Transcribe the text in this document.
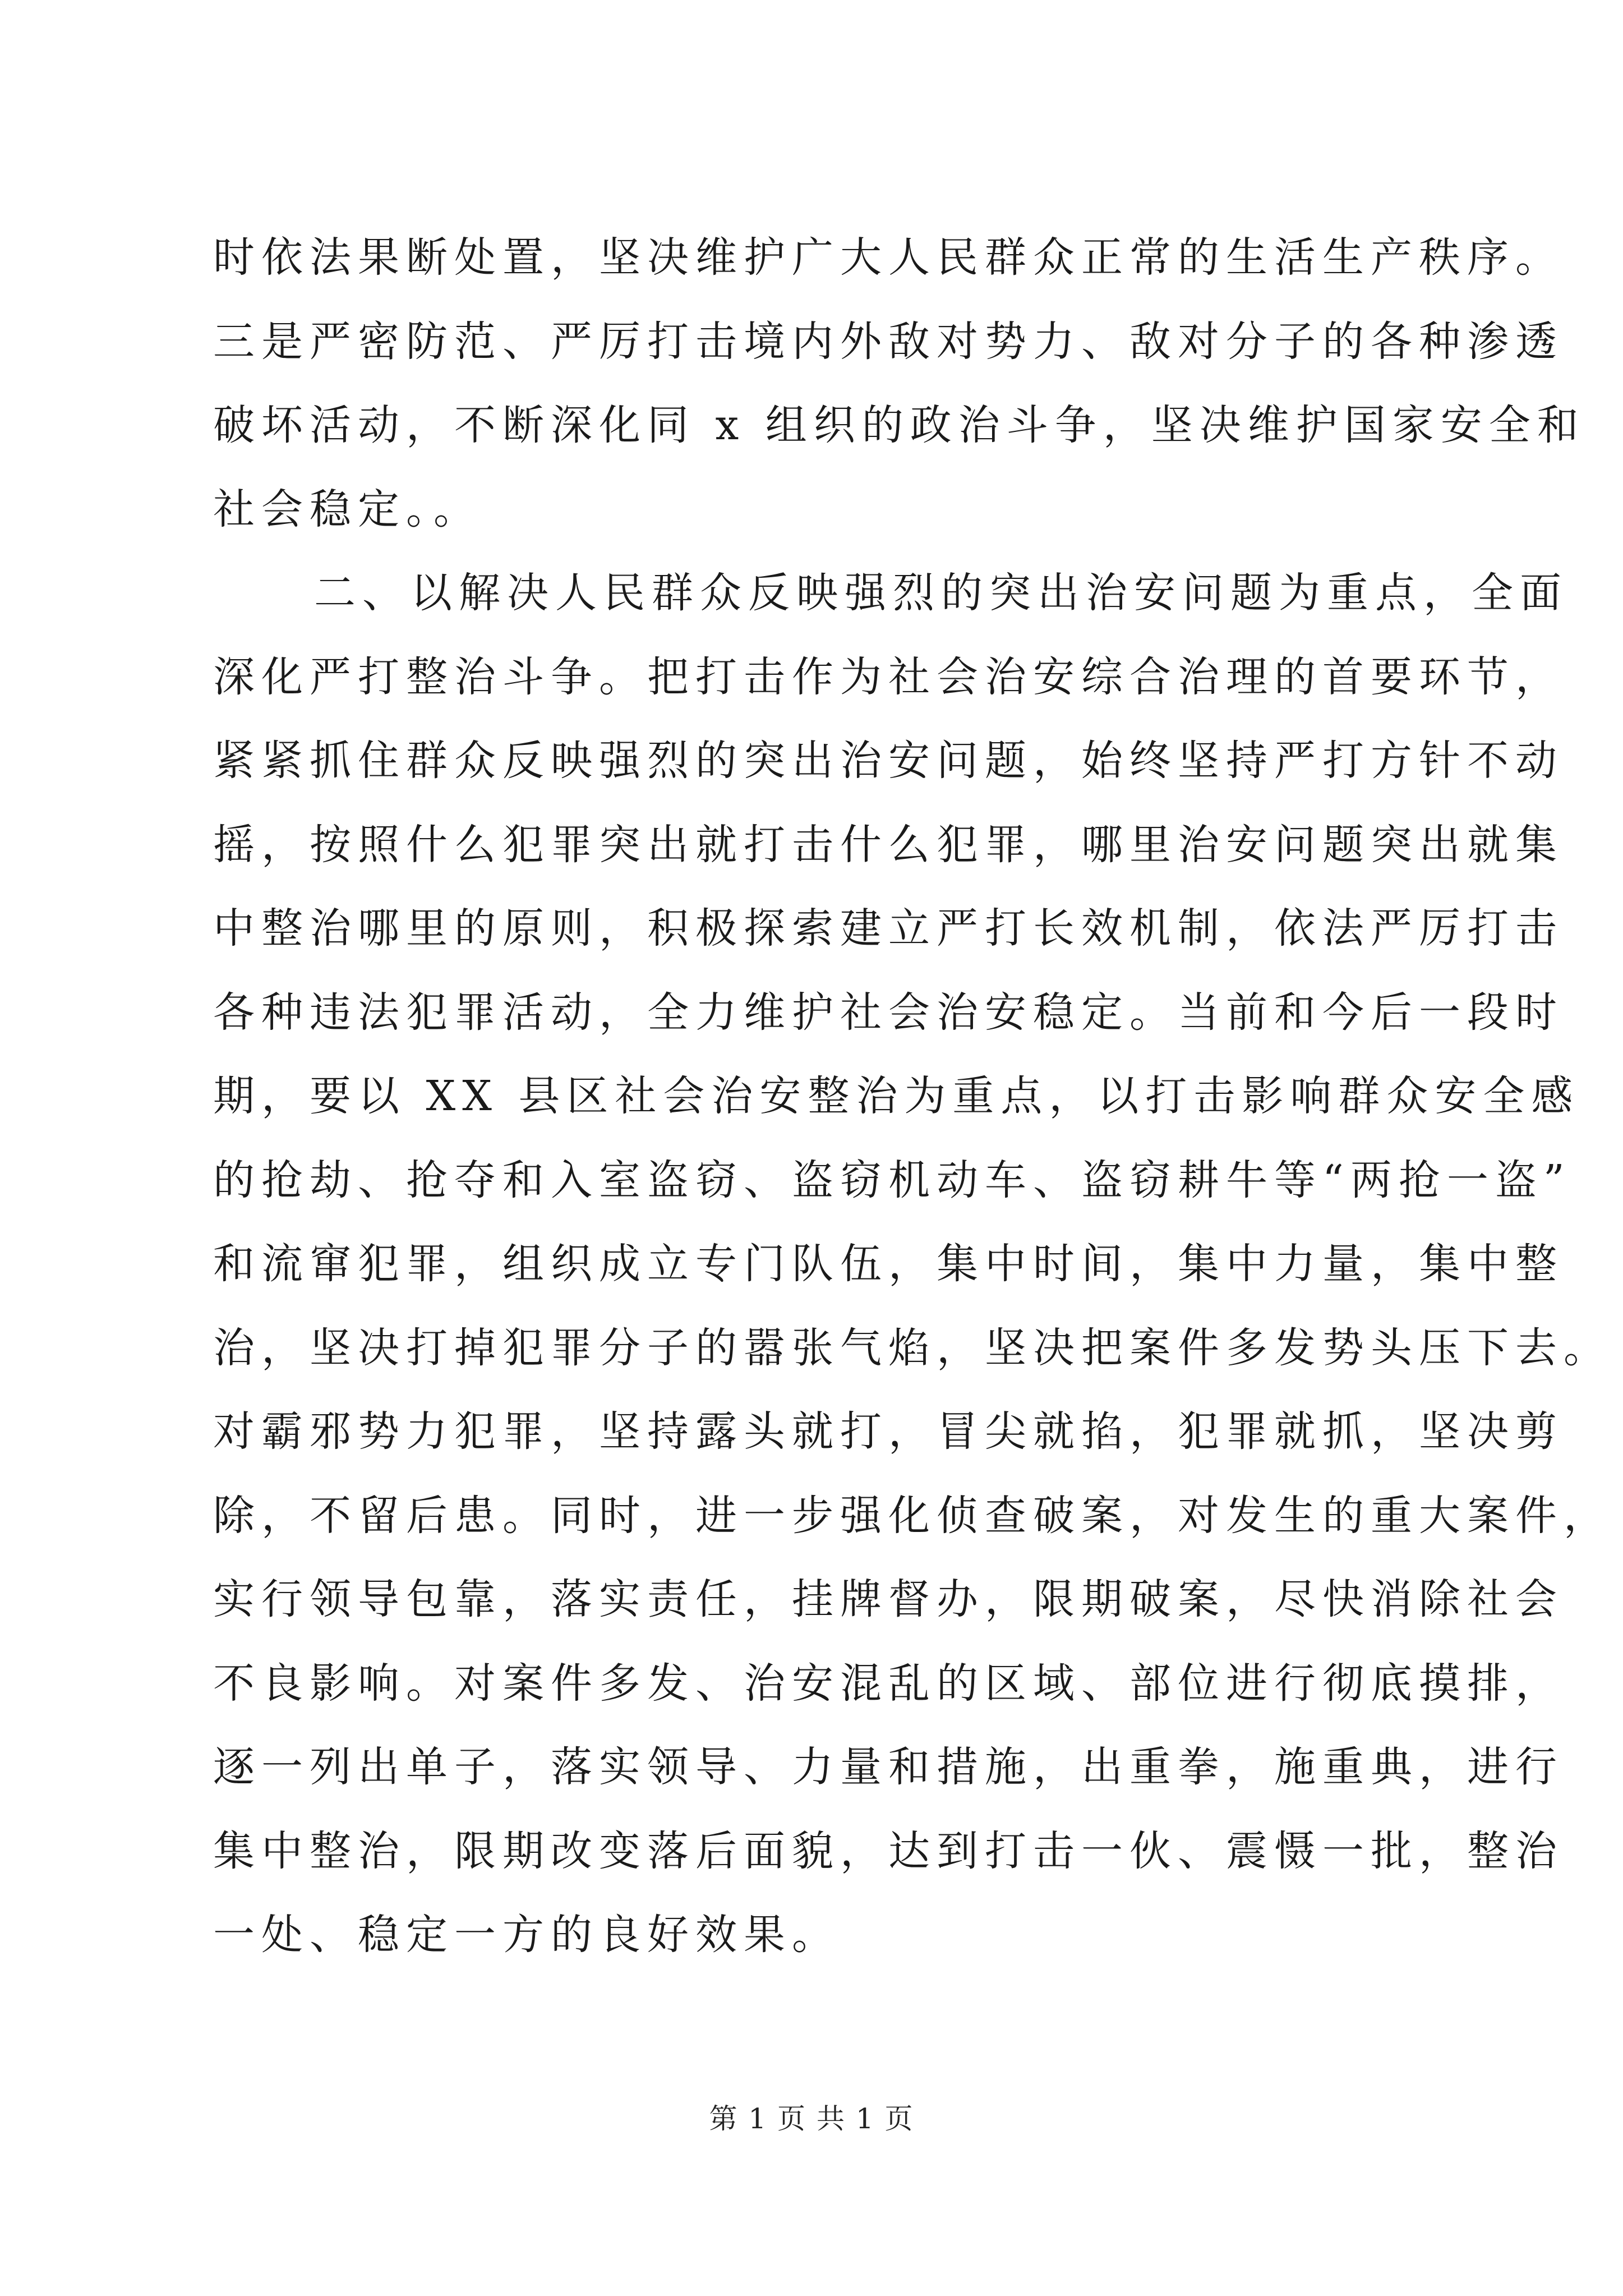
时依法果断处置，坚决维护广大人民群众正常的生活生产秩序。
三是严密防范、严厉打击境内外敌对势力、敌对分子的各种渗透
破坏活动，不断深化同 x 组织的政治斗争，坚决维护国家安全和
社会稳定。。
二、以解决人民群众反映强烈的突出治安问题为重点，全面
深化严打整治斗争。把打击作为社会治安综合治理的首要环节，
紧紧抓住群众反映强烈的突出治安问题，始终坚持严打方针不动
摇，按照什么犯罪突出就打击什么犯罪，哪里治安问题突出就集
中整治哪里的原则，积极探索建立严打长效机制，依法严厉打击
各种违法犯罪活动，全力维护社会治安稳定。当前和今后一段时
期，要以 XX 县区社会治安整治为重点，以打击影响群众安全感
的抢劫、抢夺和入室盗窃、盗窃机动车、盗窃耕牛等“两抢一盗”
和流窜犯罪，组织成立专门队伍，集中时间，集中力量，集中整
治，坚决打掉犯罪分子的嚣张气焰，坚决把案件多发势头压下去。
对霸邪势力犯罪，坚持露头就打，冒尖就掐，犯罪就抓，坚决剪
除，不留后患。同时，进一步强化侦查破案，对发生的重大案件，
实行领导包靠，落实责任，挂牌督办，限期破案，尽快消除社会
不良影响。对案件多发、治安混乱的区域、部位进行彻底摸排，
逐一列出单子，落实领导、力量和措施，出重拳，施重典，进行
集中整治，限期改变落后面貌，达到打击一伙、震慑一批，整治
一处、稳定一方的良好效果。
第 1 页 共 1 页
